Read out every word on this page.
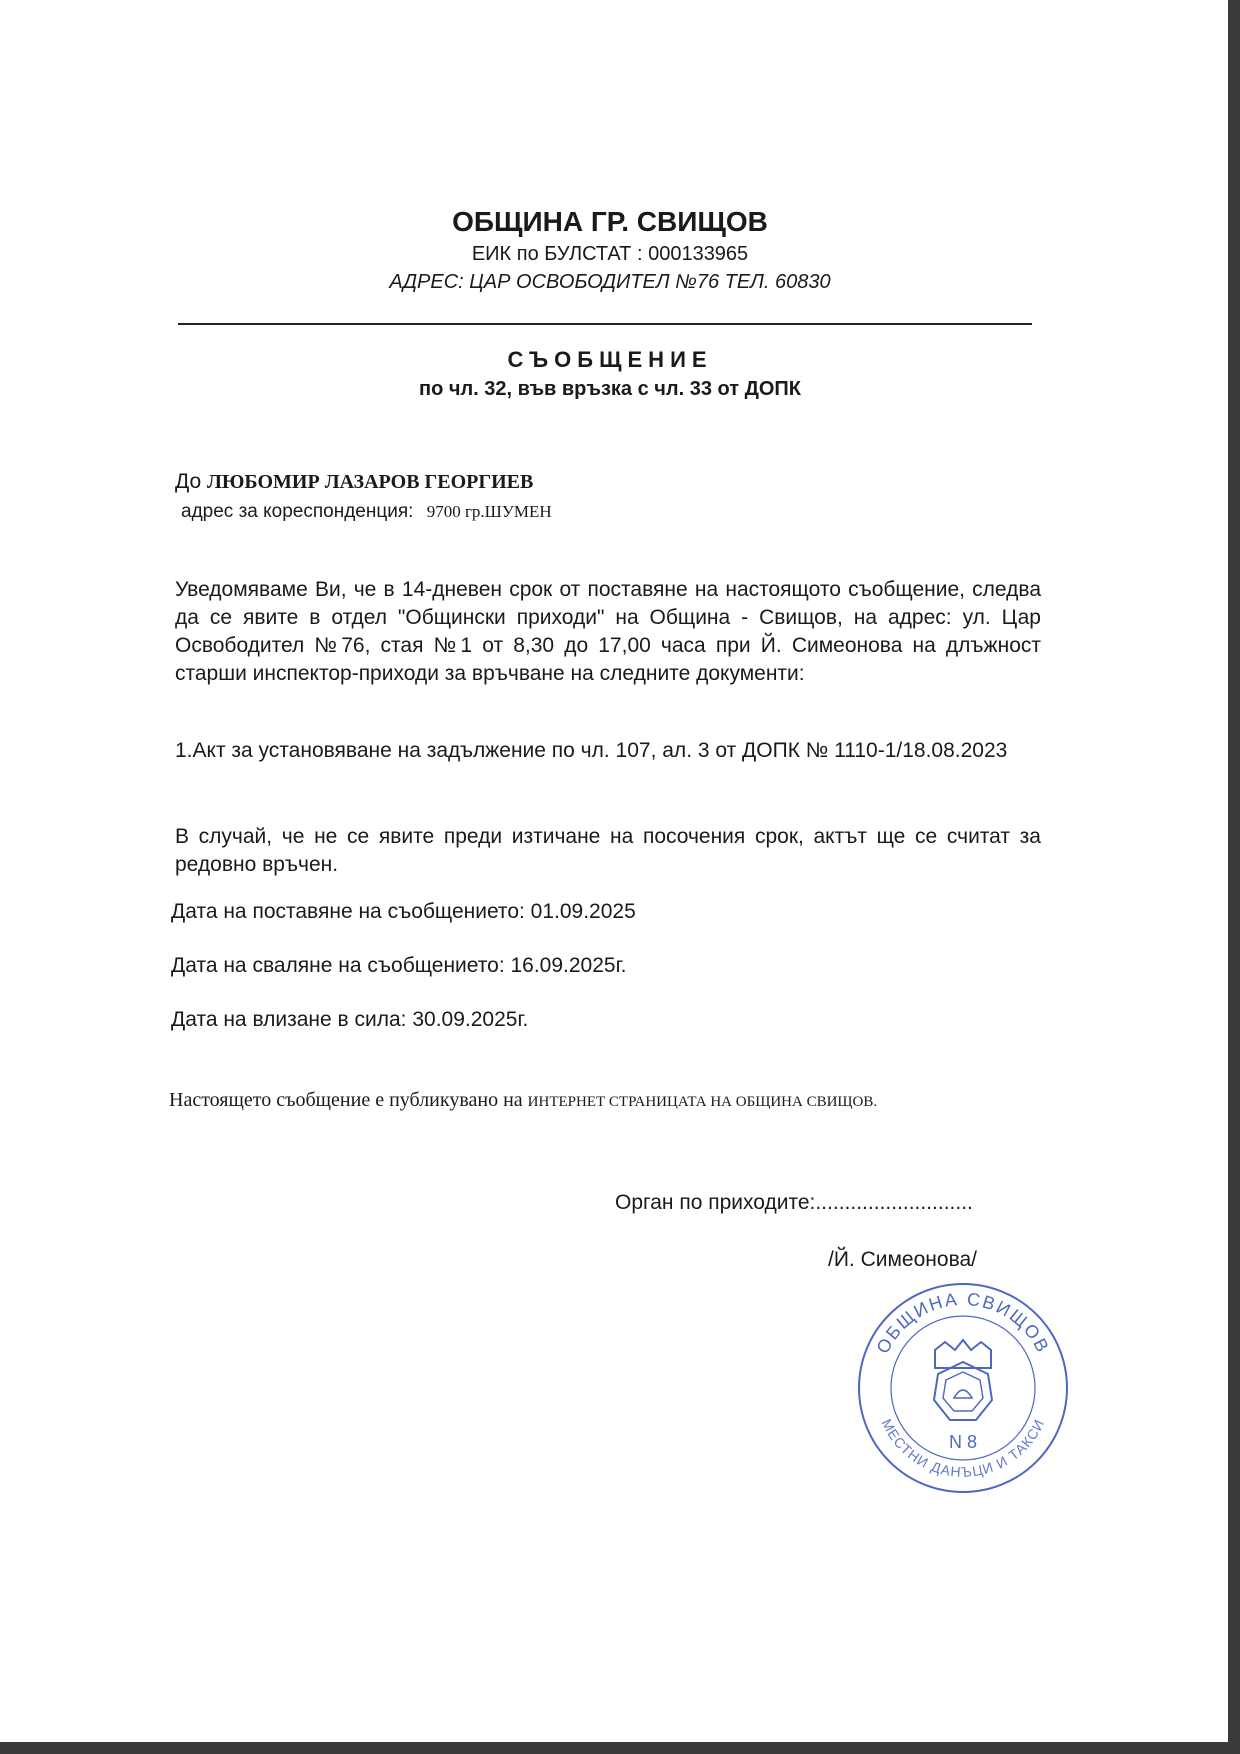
ОБЩИНА ГР. СВИЩОВ
ЕИК по БУЛСТАТ : 000133965
АДРЕС: ЦАР ОСВОБОДИТЕЛ №76 ТЕЛ. 60830
СЪОБЩЕНИЕ
по чл. 32, във връзка с чл. 33 от ДОПК
До ЛЮБОМИР ЛАЗАРОВ ГЕОРГИЕВ
адрес за кореспонденция: 9700 гр.ШУМЕН
Уведомяваме Ви, че в 14-дневен срок от поставяне на настоящото съобщение, следва да се явите в отдел "Общински приходи" на Община - Свищов, на адрес: ул. Цар Освободител №76, стая №1 от 8,30 до 17,00 часа при Й. Симеонова на длъжност старши инспектор-приходи за връчване на следните документи:
1.Акт за установяване на задължение по чл. 107, ал. 3 от ДОПК № 1110-1/18.08.2023
В случай, че не се явите преди изтичане на посочения срок, актът ще се считат за редовно връчен.
Дата на поставяне на съобщението: 01.09.2025
Дата на сваляне на съобщението: 16.09.2025г.
Дата на влизане в сила: 30.09.2025г.
Настоящето съобщение е публикувано на ИНТЕРНЕТ СТРАНИЦАТА НА ОБЩИНА СВИЩОВ.
Орган по приходите:...........................
/Й. Симеонова/
ОБЩИНА СВИЩОВ
МЕСТНИ ДАНЪЦИ И ТАКСИ
N 8
